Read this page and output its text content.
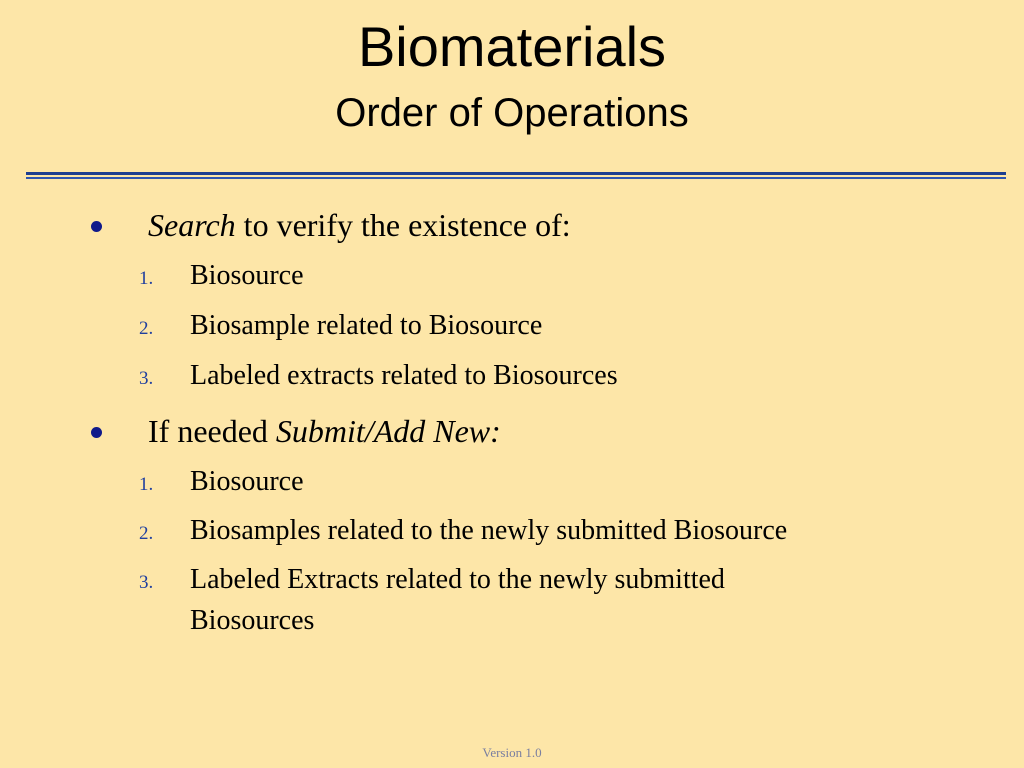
Biomaterials
Order of Operations
Search to verify the existence of:
1. Biosource
2. Biosample related to Biosource
3. Labeled extracts related to Biosources
If needed Submit/Add New:
1. Biosource
2. Biosamples related to the newly submitted Biosource
3. Labeled Extracts related to the newly submitted
Biosources
Version 1.0
